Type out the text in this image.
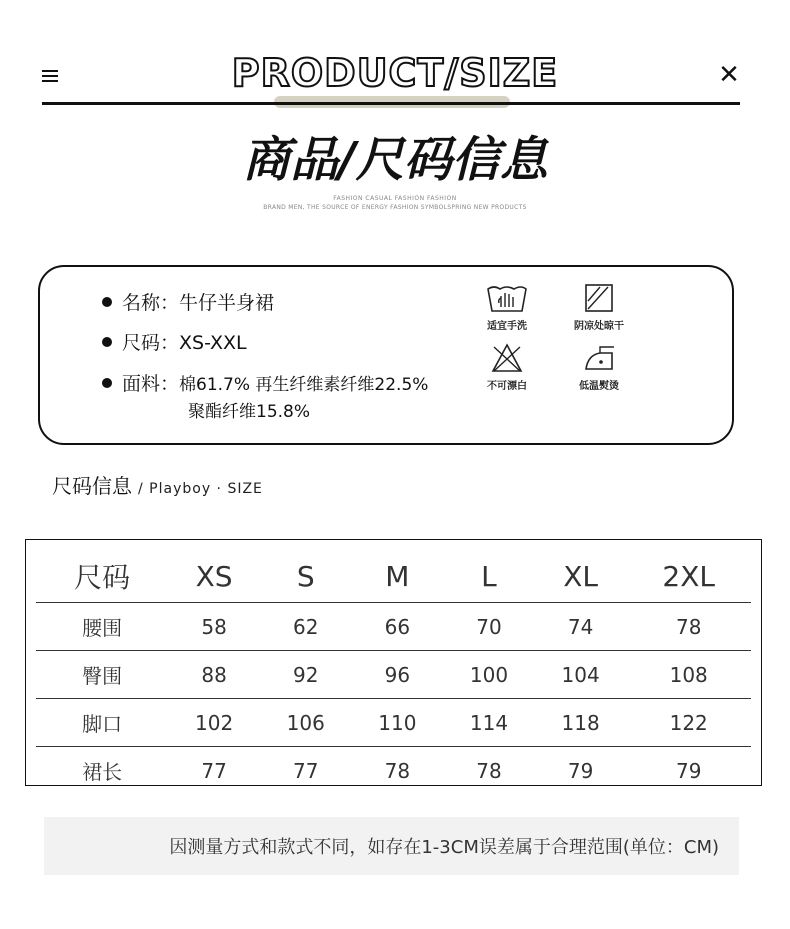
PRODUCT/SIZE	✕
商品/尺码信息
FASHION CASUAL FASHION FASHION
BRAND MEN, THE SOURCE OF ENERGY FASHION SYMBOLSPRING NEW PRODUCTS
名称：牛仔半身裙
尺码：XS-XXL
面料：棉61.7% 再生纤维素纤维22.5%
聚酯纤维15.8%
适宜手洗	阴凉处晾干
不可漂白	低温熨烫
尺码信息 / Playboy · SIZE
尺码	XS	S	M	L	XL	2XL
腰围	58	62	66	70	74	78
臀围	88	92	96	100	104	108
脚口	102	106	110	114	118	122
裙长	77	77	78	78	79	79
因测量方式和款式不同，如存在1-3CM误差属于合理范围(单位：CM)
